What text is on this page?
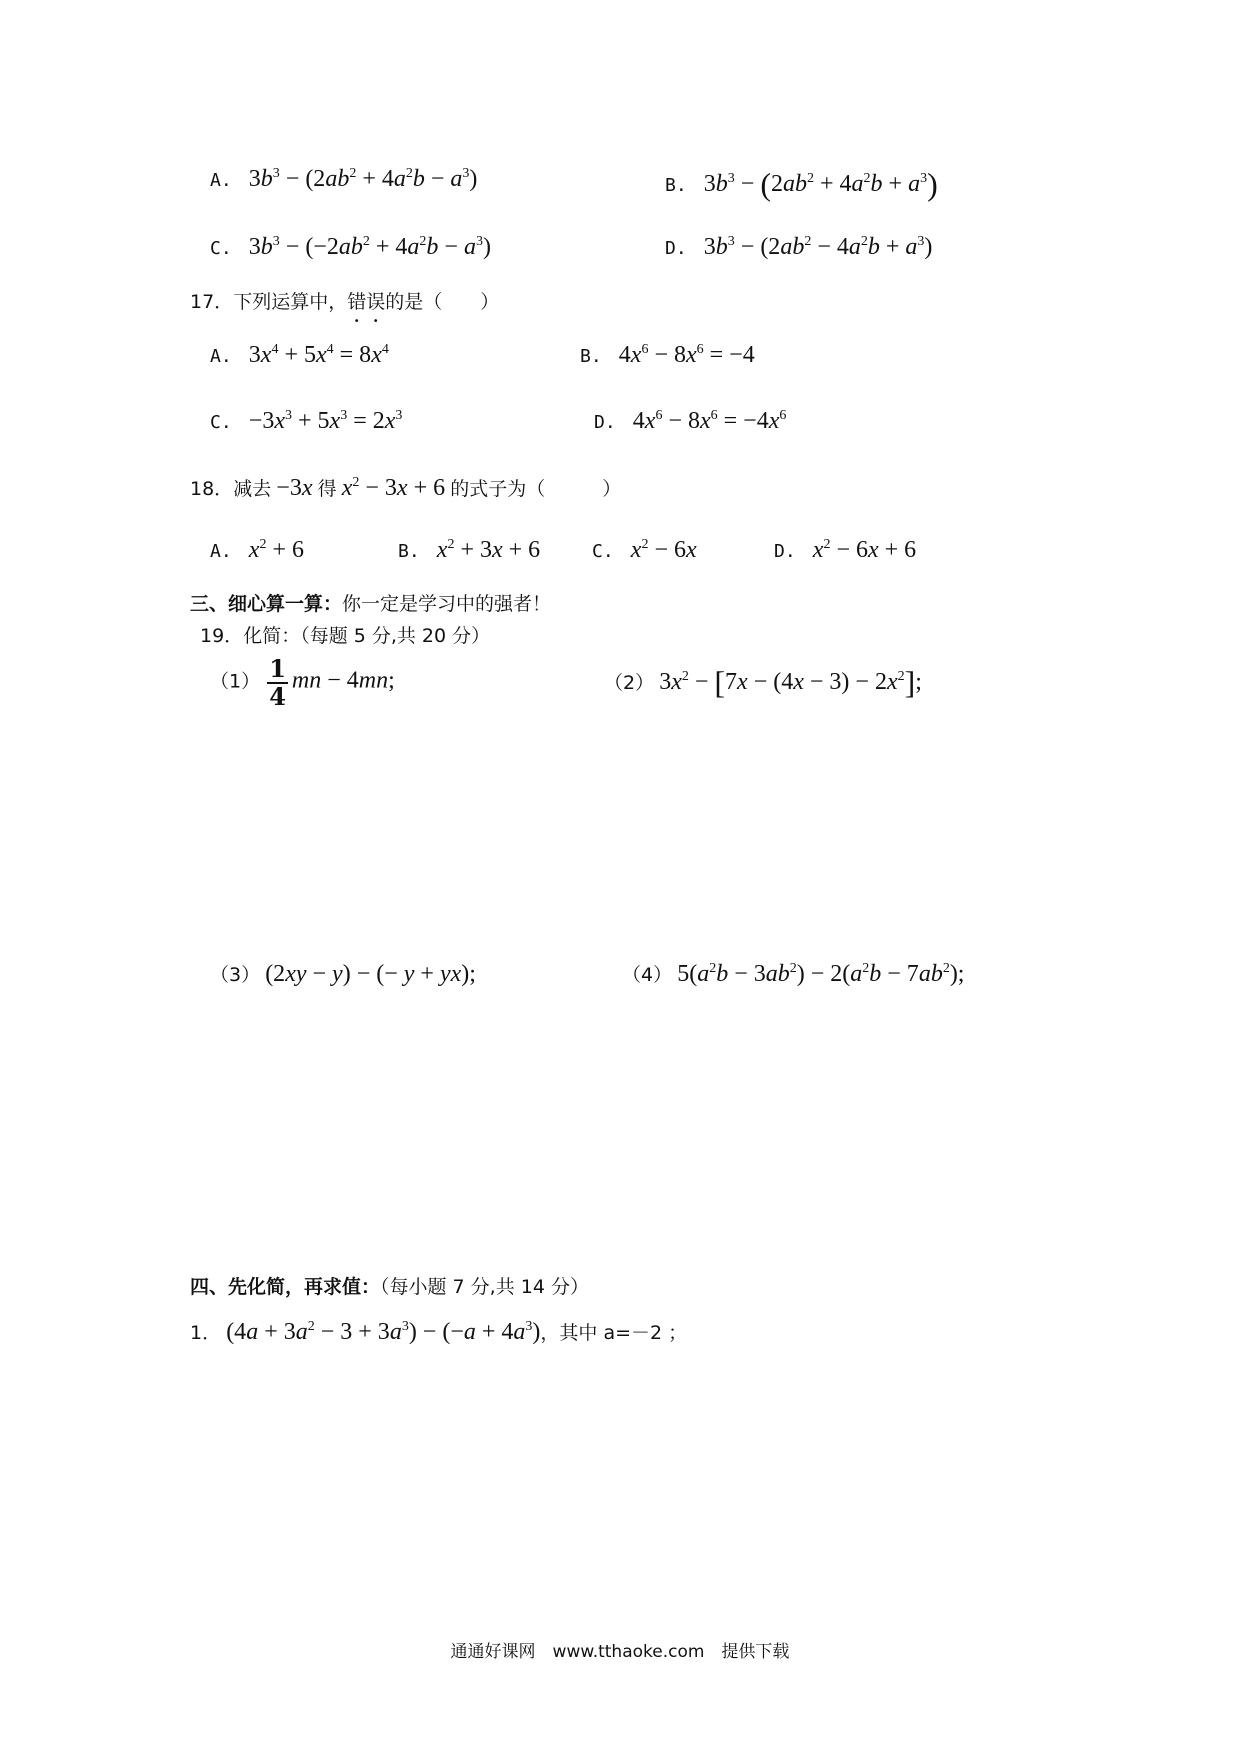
A. $3b^3 - (2ab^2 + 4a^2b - a^3)$	B. $3b^3 - (2ab^2 + 4a^2b + a^3)$
C. $3b^3 - (-2ab^2 + 4a^2b - a^3)$	D. $3b^3 - (2ab^2 - 4a^2b + a^3)$
17．下列运算中，错误的是（　　）
A. $3x^4 + 5x^4 = 8x^4$	B. $4x^6 - 8x^6 = -4$
C. $-3x^3 + 5x^3 = 2x^3$	D. $4x^6 - 8x^6 = -4x^6$
18．减去 −3x 得 $x^2 - 3x + 6$ 的式子为（　　　）
A. $x^2 + 6$	B. $x^2 + 3x + 6$	C. $x^2 - 6x$	D. $x^2 - 6x + 6$
三、细心算一算：你一定是学习中的强者！
19．化简：（每题 5 分,共 20 分）
$(1) \frac{1}{4}$ mn − 4mn;	（2） $3x^2 - [7x - (4x - 3) - 2x^2]$;
（3） (2xy − y) − (− y + yx);	（4） $5(a^2b - 3ab^2) - 2(a^2b - 7ab^2)$;
四、先化简，再求值：（每小题 7 分,共 14 分）
1． $(4a + 3a^2 - 3 + 3a^3) - (-a + 4a^3)$，其中 a=－2 ；
通通好课网　www.tthaoke.com　提供下载
